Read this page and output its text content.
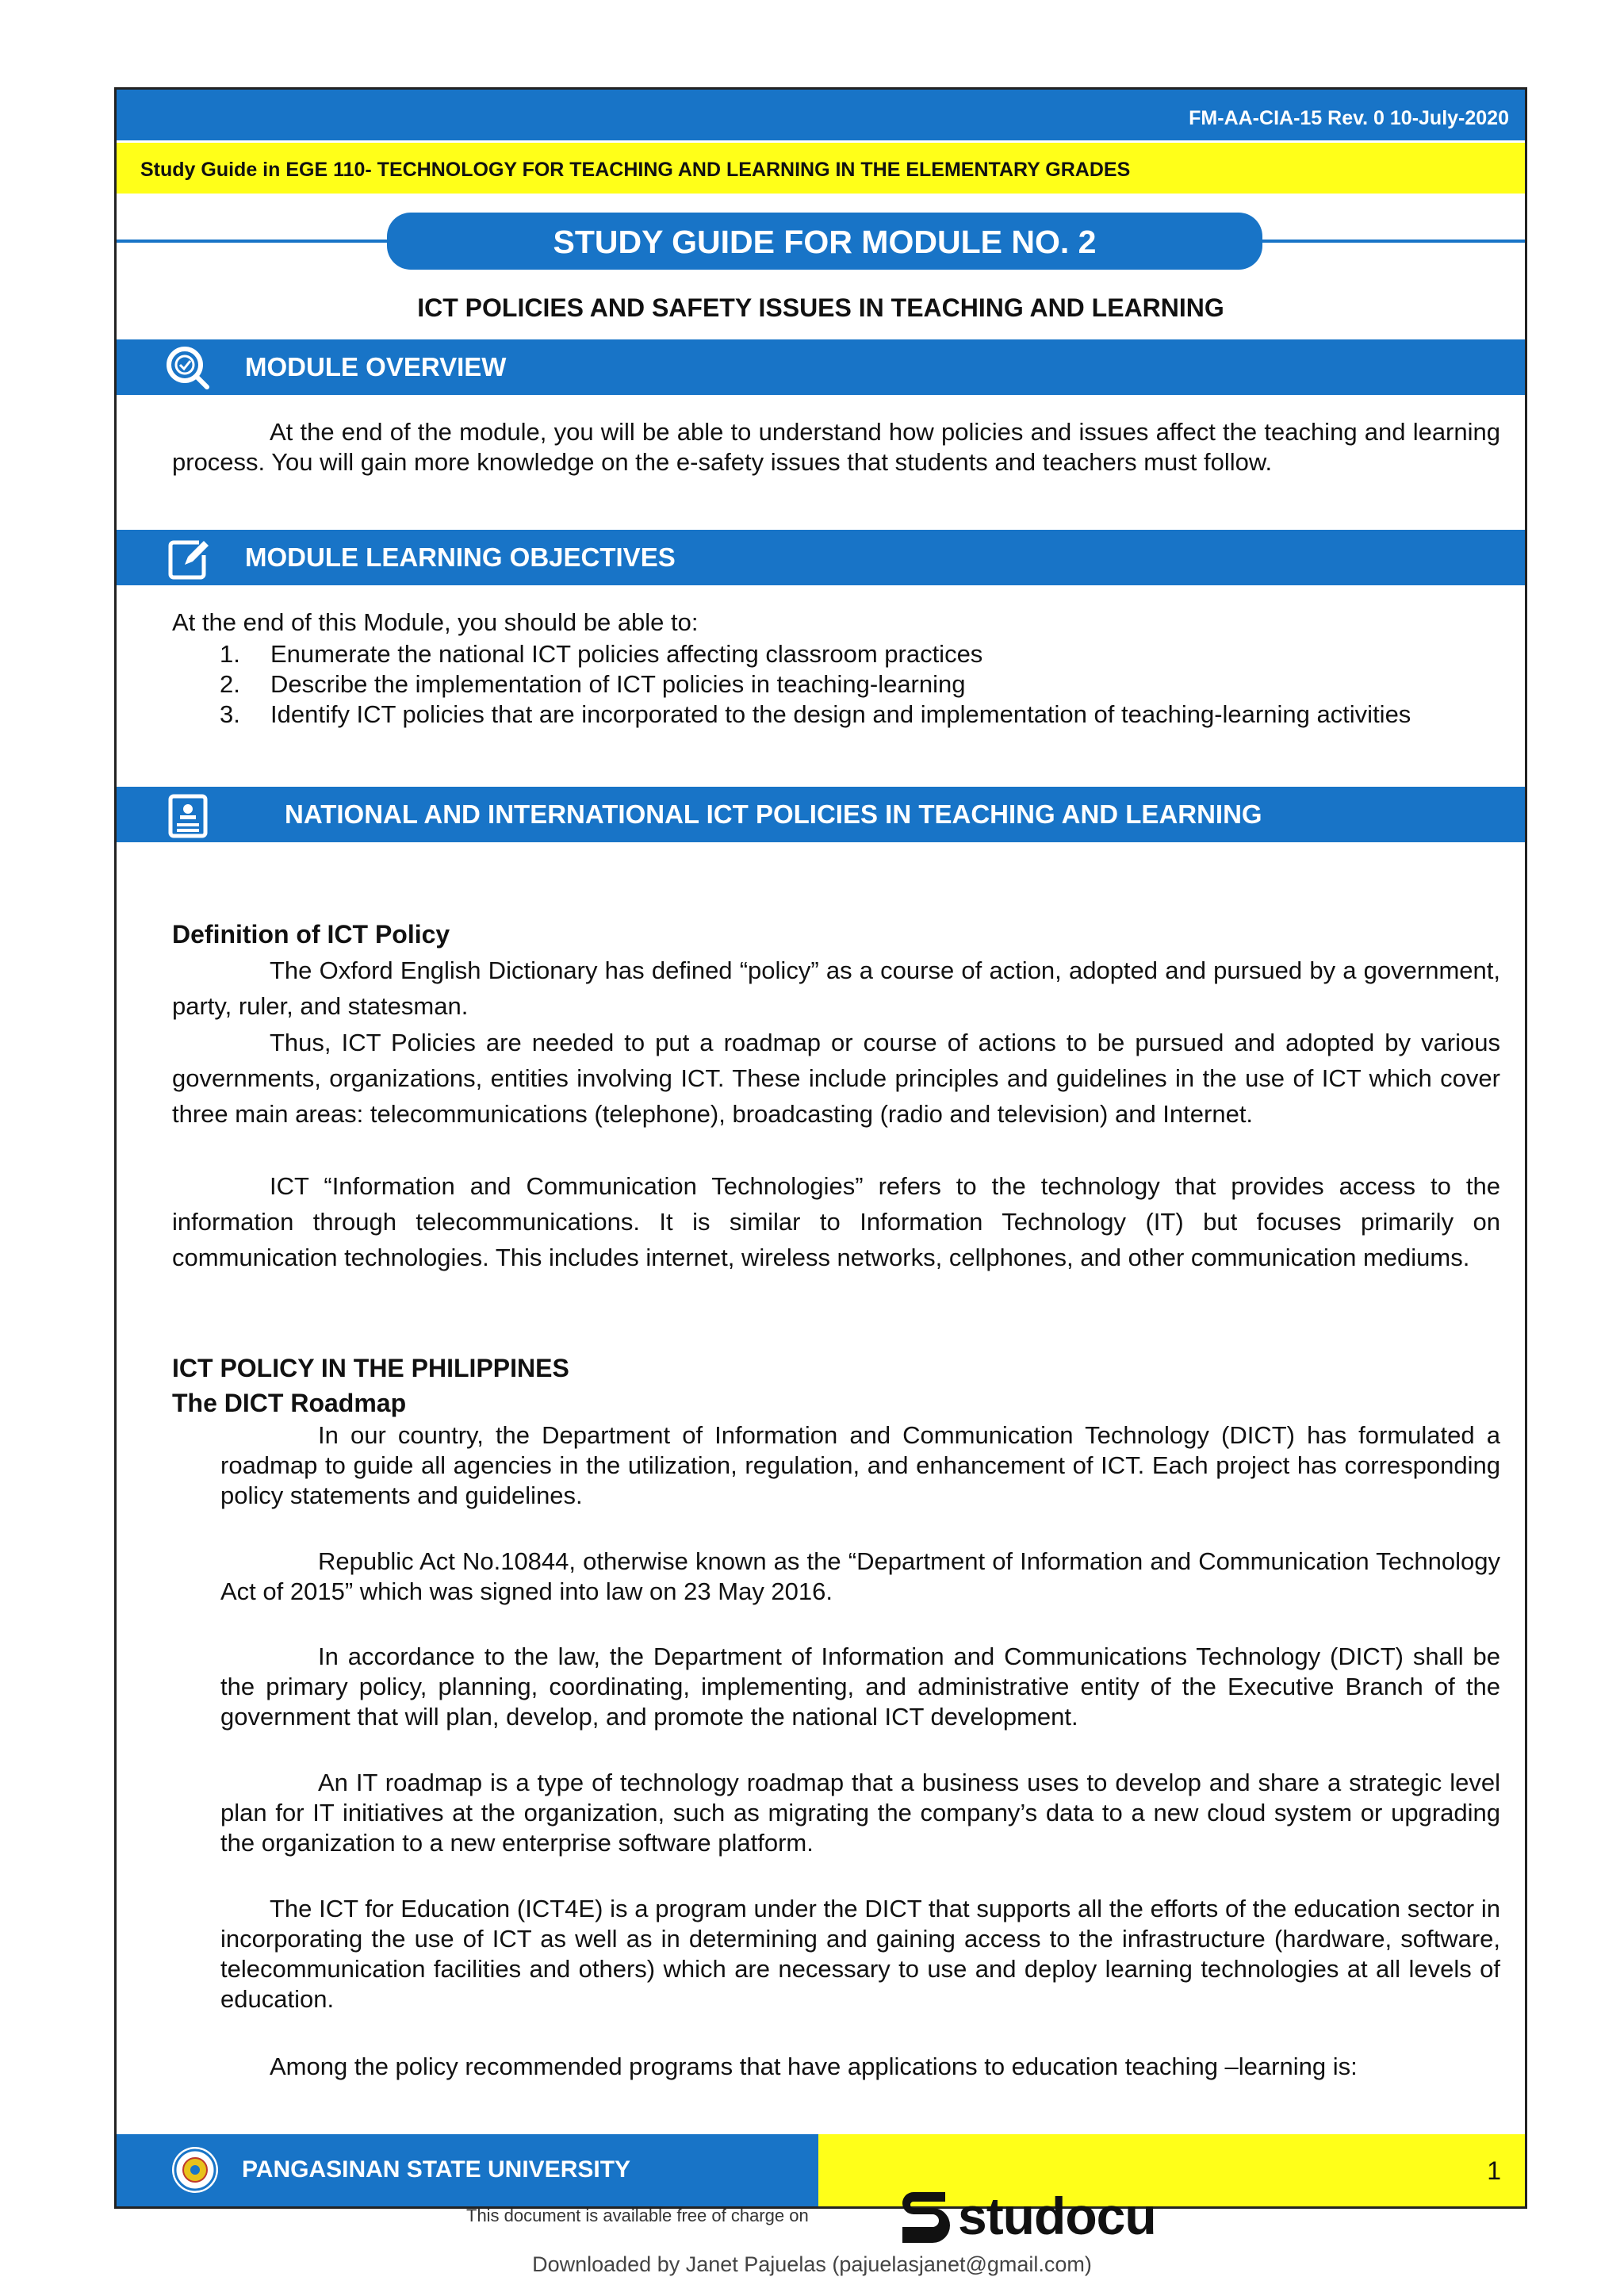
FM-AA-CIA-15 Rev. 0 10-July-2020
Study Guide in EGE 110- TECHNOLOGY FOR TEACHING AND LEARNING IN THE ELEMENTARY GRADES
STUDY GUIDE FOR MODULE NO. 2
ICT POLICIES AND SAFETY ISSUES IN TEACHING AND LEARNING
MODULE OVERVIEW

At the end of the module, you will be able to understand how policies and issues affect the teaching and learning process. You will gain more knowledge on the e-safety issues that students and teachers must follow.

MODULE LEARNING OBJECTIVES

At the end of this Module, you should be able to:

1. Enumerate the national ICT policies affecting classroom practices
2. Describe the implementation of ICT policies in teaching-learning
3. Identify ICT policies that are incorporated to the design and implementation of teaching-learning activities
NATIONAL AND INTERNATIONAL ICT POLICIES IN TEACHING AND LEARNING
Definition of ICT Policy

The Oxford English Dictionary has defined “policy” as a course of action, adopted and pursued by a government, party, ruler, and statesman.

Thus, ICT Policies are needed to put a roadmap or course of actions to be pursued and adopted by various governments, organizations, entities involving ICT. These include principles and guidelines in the use of ICT which cover three main areas: telecommunications (telephone), broadcasting (radio and television) and Internet.

ICT “Information and Communication Technologies” refers to the technology that provides access to the information through telecommunications. It is similar to Information Technology (IT) but focuses primarily on communication technologies. This includes internet, wireless networks, cellphones, and other communication mediums.

ICT POLICY IN THE PHILIPPINES
The DICT Roadmap

In our country, the Department of Information and Communication Technology (DICT) has formulated a roadmap to guide all agencies in the utilization, regulation, and enhancement of ICT. Each project has corresponding policy statements and guidelines.

Republic Act No.10844, otherwise known as the “Department of Information and Communication Technology Act of 2015” which was signed into law on 23 May 2016.

In accordance to the law, the Department of Information and Communications Technology (DICT) shall be the primary policy, planning, coordinating, implementing, and administrative entity of the Executive Branch of the government that will plan, develop, and promote the national ICT development.

An IT roadmap is a type of technology roadmap that a business uses to develop and share a strategic level plan for IT initiatives at the organization, such as migrating the company’s data to a new cloud system or upgrading the organization to a new enterprise software platform.

The ICT for Education (ICT4E) is a program under the DICT that supports all the efforts of the education sector in incorporating the use of ICT as well as in determining and gaining access to the infrastructure (hardware, software, telecommunication facilities and others) which are necessary to use and deploy learning technologies at all levels of education.

Among the policy recommended programs that have applications to education teaching –learning is:

PANGASINAN STATE UNIVERSITY	1
This document is available free of charge on	studocu
Downloaded by Janet Pajuelas (pajuelasjanet@gmail.com)
